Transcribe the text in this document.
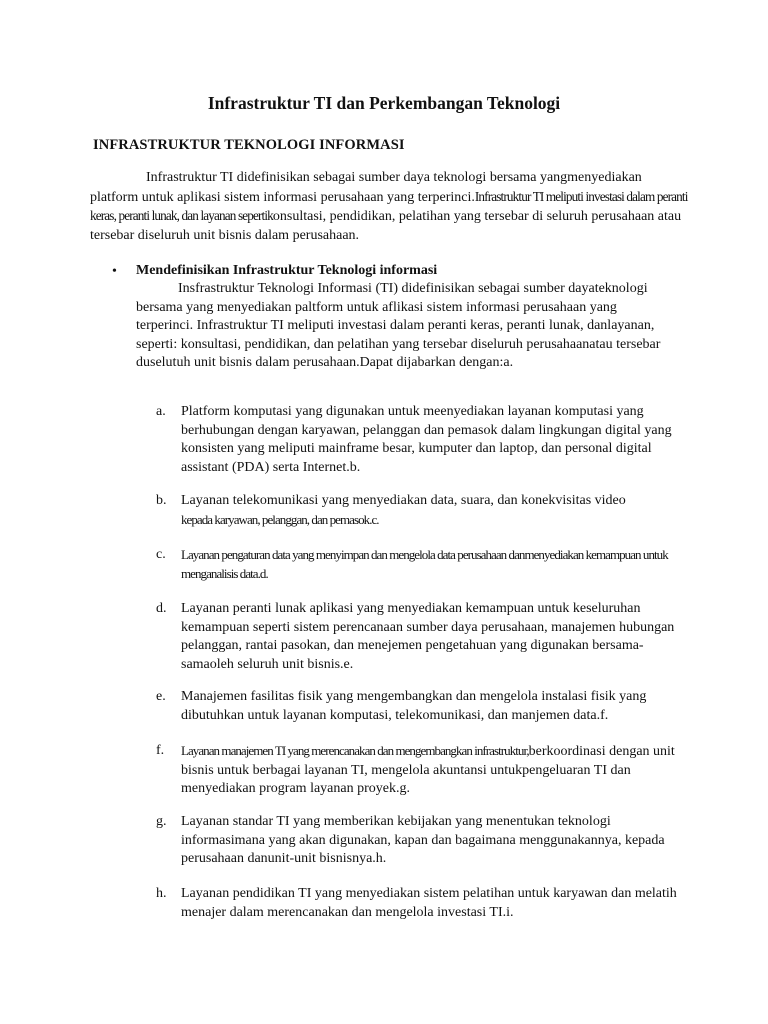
Infrastruktur TI dan Perkembangan Teknologi
INFRASTRUKTUR TEKNOLOGI INFORMASI
Infrastruktur TI didefinisikan sebagai sumber daya teknologi bersama yangmenyediakan platform untuk aplikasi sistem informasi perusahaan yang terperinci.Infrastruktur TI meliputi investasi dalam peranti keras, peranti lunak, dan layanan sepertikonsultasi, pendidikan, pelatihan yang tersebar di seluruh perusahaan atau tersebar diseluruh unit bisnis dalam perusahaan.
• Mendefinisikan Infrastruktur Teknologi informasi
Insfrastruktur Teknologi Informasi (TI) didefinisikan sebagai sumber dayateknologi bersama yang menyediakan paltform untuk aflikasi sistem informasi perusahaan yang terperinci. Infrastruktur TI meliputi investasi dalam peranti keras, peranti lunak, danlayanan, seperti: konsultasi, pendidikan, dan pelatihan yang tersebar diseluruh perusahaanatau tersebar duselutuh unit bisnis dalam perusahaan.Dapat dijabarkan dengan:a.
a.	Platform komputasi yang digunakan untuk meenyediakan layanan komputasi yang berhubungan dengan karyawan, pelanggan dan pemasok dalam lingkungan digital yang konsisten yang meliputi mainframe besar, kumputer dan laptop, dan personal digital assistant (PDA) serta Internet.b.
b.	Layanan telekomunikasi yang menyediakan data, suara, dan konekvisitas video
kepada karyawan, pelanggan, dan pemasok.c.
c.	Layanan pengaturan data yang menyimpan dan mengelola data perusahaan danmenyediakan kemampuan untuk menganalisis data.d.
d.	Layanan peranti lunak aplikasi yang menyediakan kemampuan untuk keseluruhan kemampuan seperti sistem perencanaan sumber daya perusahaan, manajemen hubungan pelanggan, rantai pasokan, dan menejemen pengetahuan yang digunakan bersama-samaoleh seluruh unit bisnis.e.
e.	Manajemen fasilitas fisik yang mengembangkan dan mengelola instalasi fisik yang dibutuhkan untuk layanan komputasi, telekomunikasi, dan manjemen data.f.
f.	Layanan manajemen TI yang merencanakan dan mengembangkan infrastruktur,berkoordinasi dengan unit bisnis untuk berbagai layanan TI, mengelola akuntansi untukpengeluaran TI dan menyediakan program layanan proyek.g.
g.	Layanan standar TI yang memberikan kebijakan yang menentukan teknologi informasimana yang akan digunakan, kapan dan bagaimana menggunakannya, kepada perusahaan danunit-unit bisnisnya.h.
h.	Layanan pendidikan TI yang menyediakan sistem pelatihan untuk karyawan dan melatih menajer dalam merencanakan dan mengelola investasi TI.i.
